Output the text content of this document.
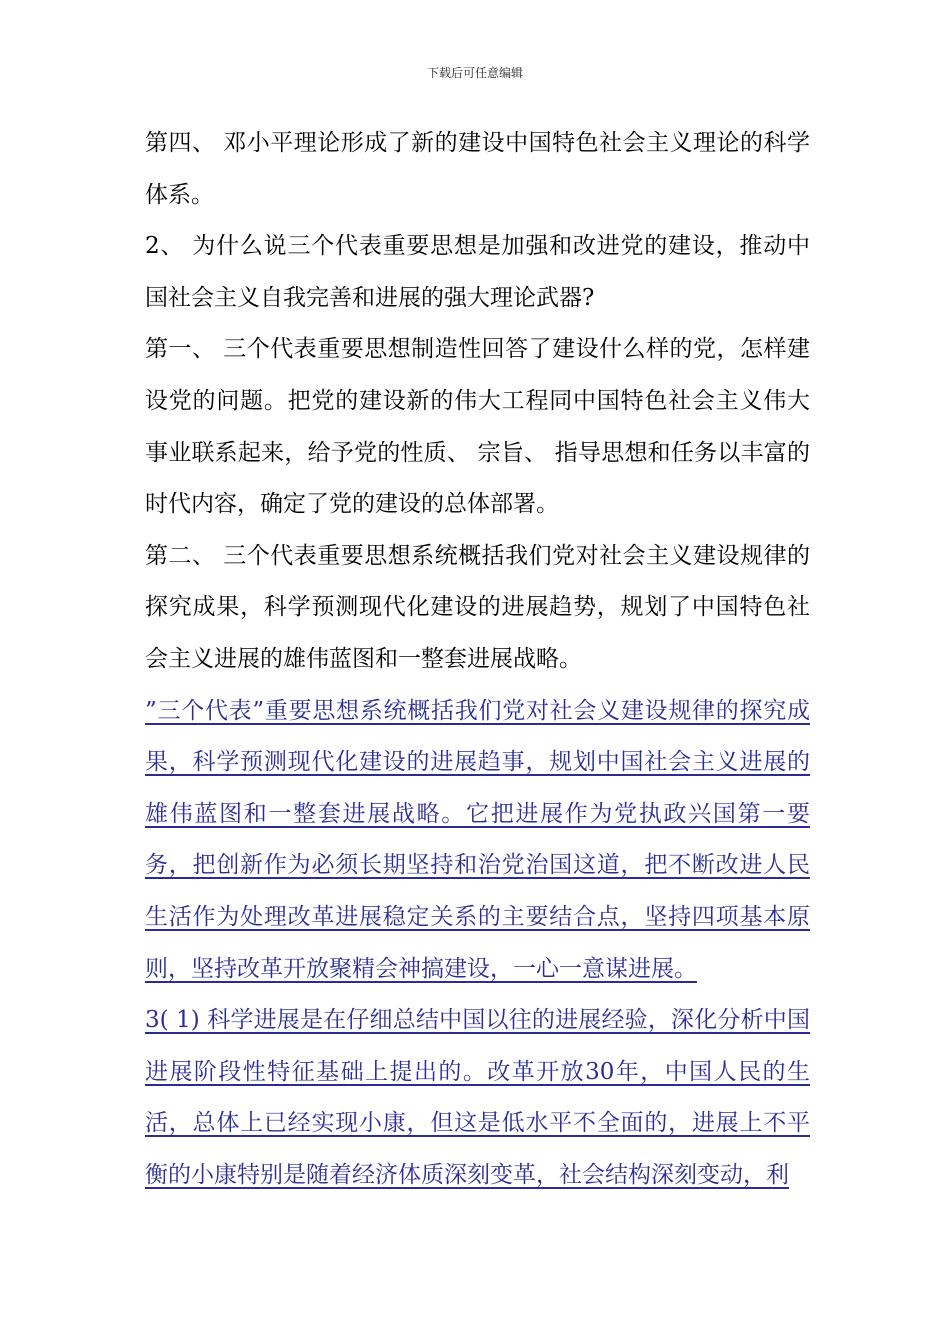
下载后可任意编辑

第四、 邓小平理论形成了新的建设中国特色社会主义理论的科学体系。

2、 为什么说三个代表重要思想是加强和改进党的建设，推动中国社会主义自我完善和进展的强大理论武器?

第一、 三个代表重要思想制造性回答了建设什么样的党，怎样建设党的问题。把党的建设新的伟大工程同中国特色社会主义伟大事业联系起来，给予党的性质、 宗旨、 指导思想和任务以丰富的时代内容，确定了党的建设的总体部署。

第二、 三个代表重要思想系统概括我们党对社会主义建设规律的探究成果，科学预测现代化建设的进展趋势，规划了中国特色社会主义进展的雄伟蓝图和一整套进展战略。

”三个代表”重要思想系统概括我们党对社会义建设规律的探究成果，科学预测现代化建设的进展趋事，规划中国社会主义进展的雄伟蓝图和一整套进展战略。它把进展作为党执政兴国第一要务，把创新作为必须长期坚持和治党治国这道，把不断改进人民生活作为处理改革进展稳定关系的主要结合点，坚持四项基本原则，坚持改革开放聚精会神搞建设，一心一意谋进展。

3( 1) 科学进展是在仔细总结中国以往的进展经验，深化分析中国进展阶段性特征基础上提出的。改革开放30年，中国人民的生活，总体上已经实现小康，但这是低水平不全面的，进展上不平衡的小康特别是随着经济体质深刻变革，社会结构深刻变动，利
